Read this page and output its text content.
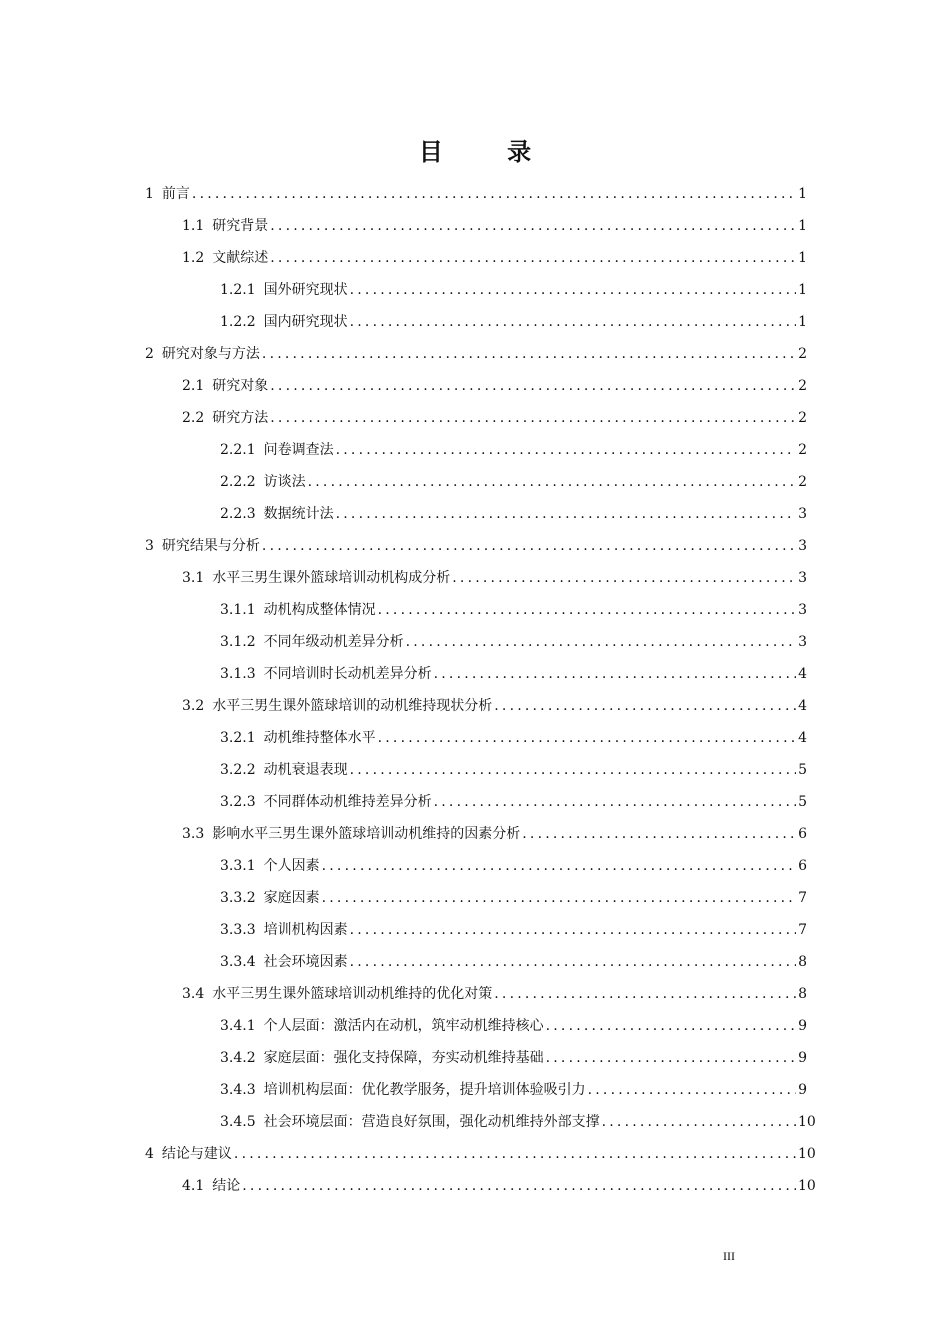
目 录
1 前言 .....	1
1.1 研究背景 .....	1
1.2 文献综述 .....	1
1.2.1 国外研究现状 .....	1
1.2.2 国内研究现状 .....	1
2 研究对象与方法 .....	2
2.1 研究对象 .....	2
2.2 研究方法 .....	2
2.2.1 问卷调查法 .....	2
2.2.2 访谈法 .....	2
2.2.3 数据统计法 .....	3
3 研究结果与分析 .....	3
3.1 水平三男生课外篮球培训动机构成分析 .....	3
3.1.1 动机构成整体情况 .....	3
3.1.2 不同年级动机差异分析 .....	3
3.1.3 不同培训时长动机差异分析 .....	4
3.2 水平三男生课外篮球培训的动机维持现状分析 .....	4
3.2.1 动机维持整体水平 .....	4
3.2.2 动机衰退表现 .....	5
3.2.3 不同群体动机维持差异分析 .....	5
3.3 影响水平三男生课外篮球培训动机维持的因素分析 .....	6
3.3.1 个人因素 .....	6
3.3.2 家庭因素 .....	7
3.3.3 培训机构因素 .....	7
3.3.4 社会环境因素 .....	8
3.4 水平三男生课外篮球培训动机维持的优化对策 .....	8
3.4.1 个人层面：激活内在动机，筑牢动机维持核心 .....	9
3.4.2 家庭层面：强化支持保障，夯实动机维持基础 .....	9
3.4.3 培训机构层面：优化教学服务，提升培训体验吸引力 .....	9
3.4.5 社会环境层面：营造良好氛围，强化动机维持外部支撑 .....	10
4 结论与建议 .....	10
4.1 结论 .....	10
III
